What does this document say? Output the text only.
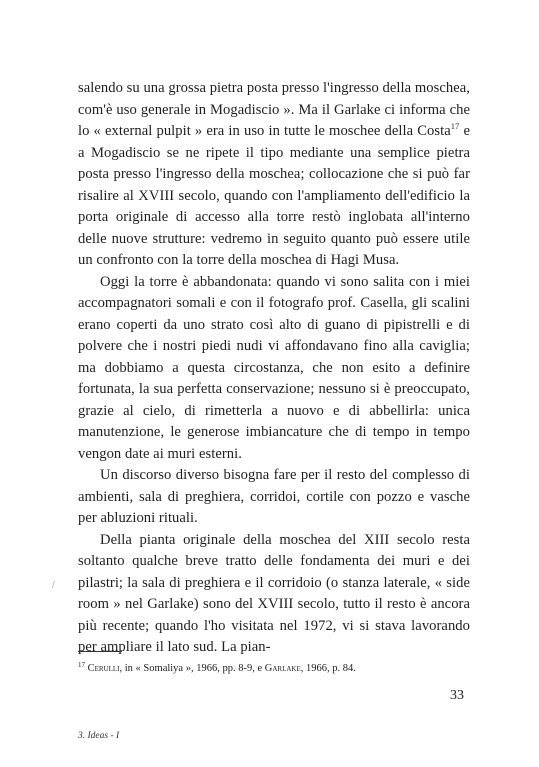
salendo su una grossa pietra posta presso l'ingresso della moschea, com'è uso generale in Mogadiscio ». Ma il Garlake ci informa che lo « external pulpit » era in uso in tutte le moschee della Costa$^{17}$ e a Mogadiscio se ne ripete il tipo mediante una semplice pietra posta presso l'ingresso della moschea; collocazione che si può far risalire al XVIII secolo, quando con l'ampliamento dell'edificio la porta originale di accesso alla torre restò inglobata all'interno delle nuove strutture: vedremo in seguito quanto può essere utile un confronto con la torre della moschea di Hagi Musa.

Oggi la torre è abbandonata: quando vi sono salita con i miei accompagnatori somali e con il fotografo prof. Casella, gli scalini erano coperti da uno strato così alto di guano di pipistrelli e di polvere che i nostri piedi nudi vi affondavano fino alla caviglia; ma dobbiamo a questa circostanza, che non esito a definire fortunata, la sua perfetta conservazione; nessuno si è preoccupato, grazie al cielo, di rimetterla a nuovo e di abbellirla: unica manutenzione, le generose imbiancature che di tempo in tempo vengon date ai muri esterni.

Un discorso diverso bisogna fare per il resto del complesso di ambienti, sala di preghiera, corridoi, cortile con pozzo e vasche per abluzioni rituali.

Della pianta originale della moschea del XIII secolo resta soltanto qualche breve tratto delle fondamenta dei muri e dei pilastri; la sala di preghiera e il corridoio (o stanza laterale, « side room » nel Garlake) sono del XVIII secolo, tutto il resto è ancora più recente; quando l'ho visitata nel 1972, vi si stava lavorando per ampliare il lato sud. La pian-

/
$^{17}$ Cerulli, in « Somaliya », 1966, pp. 8-9, e Garlake, 1966, p. 84.
33
3. Ideas - I
